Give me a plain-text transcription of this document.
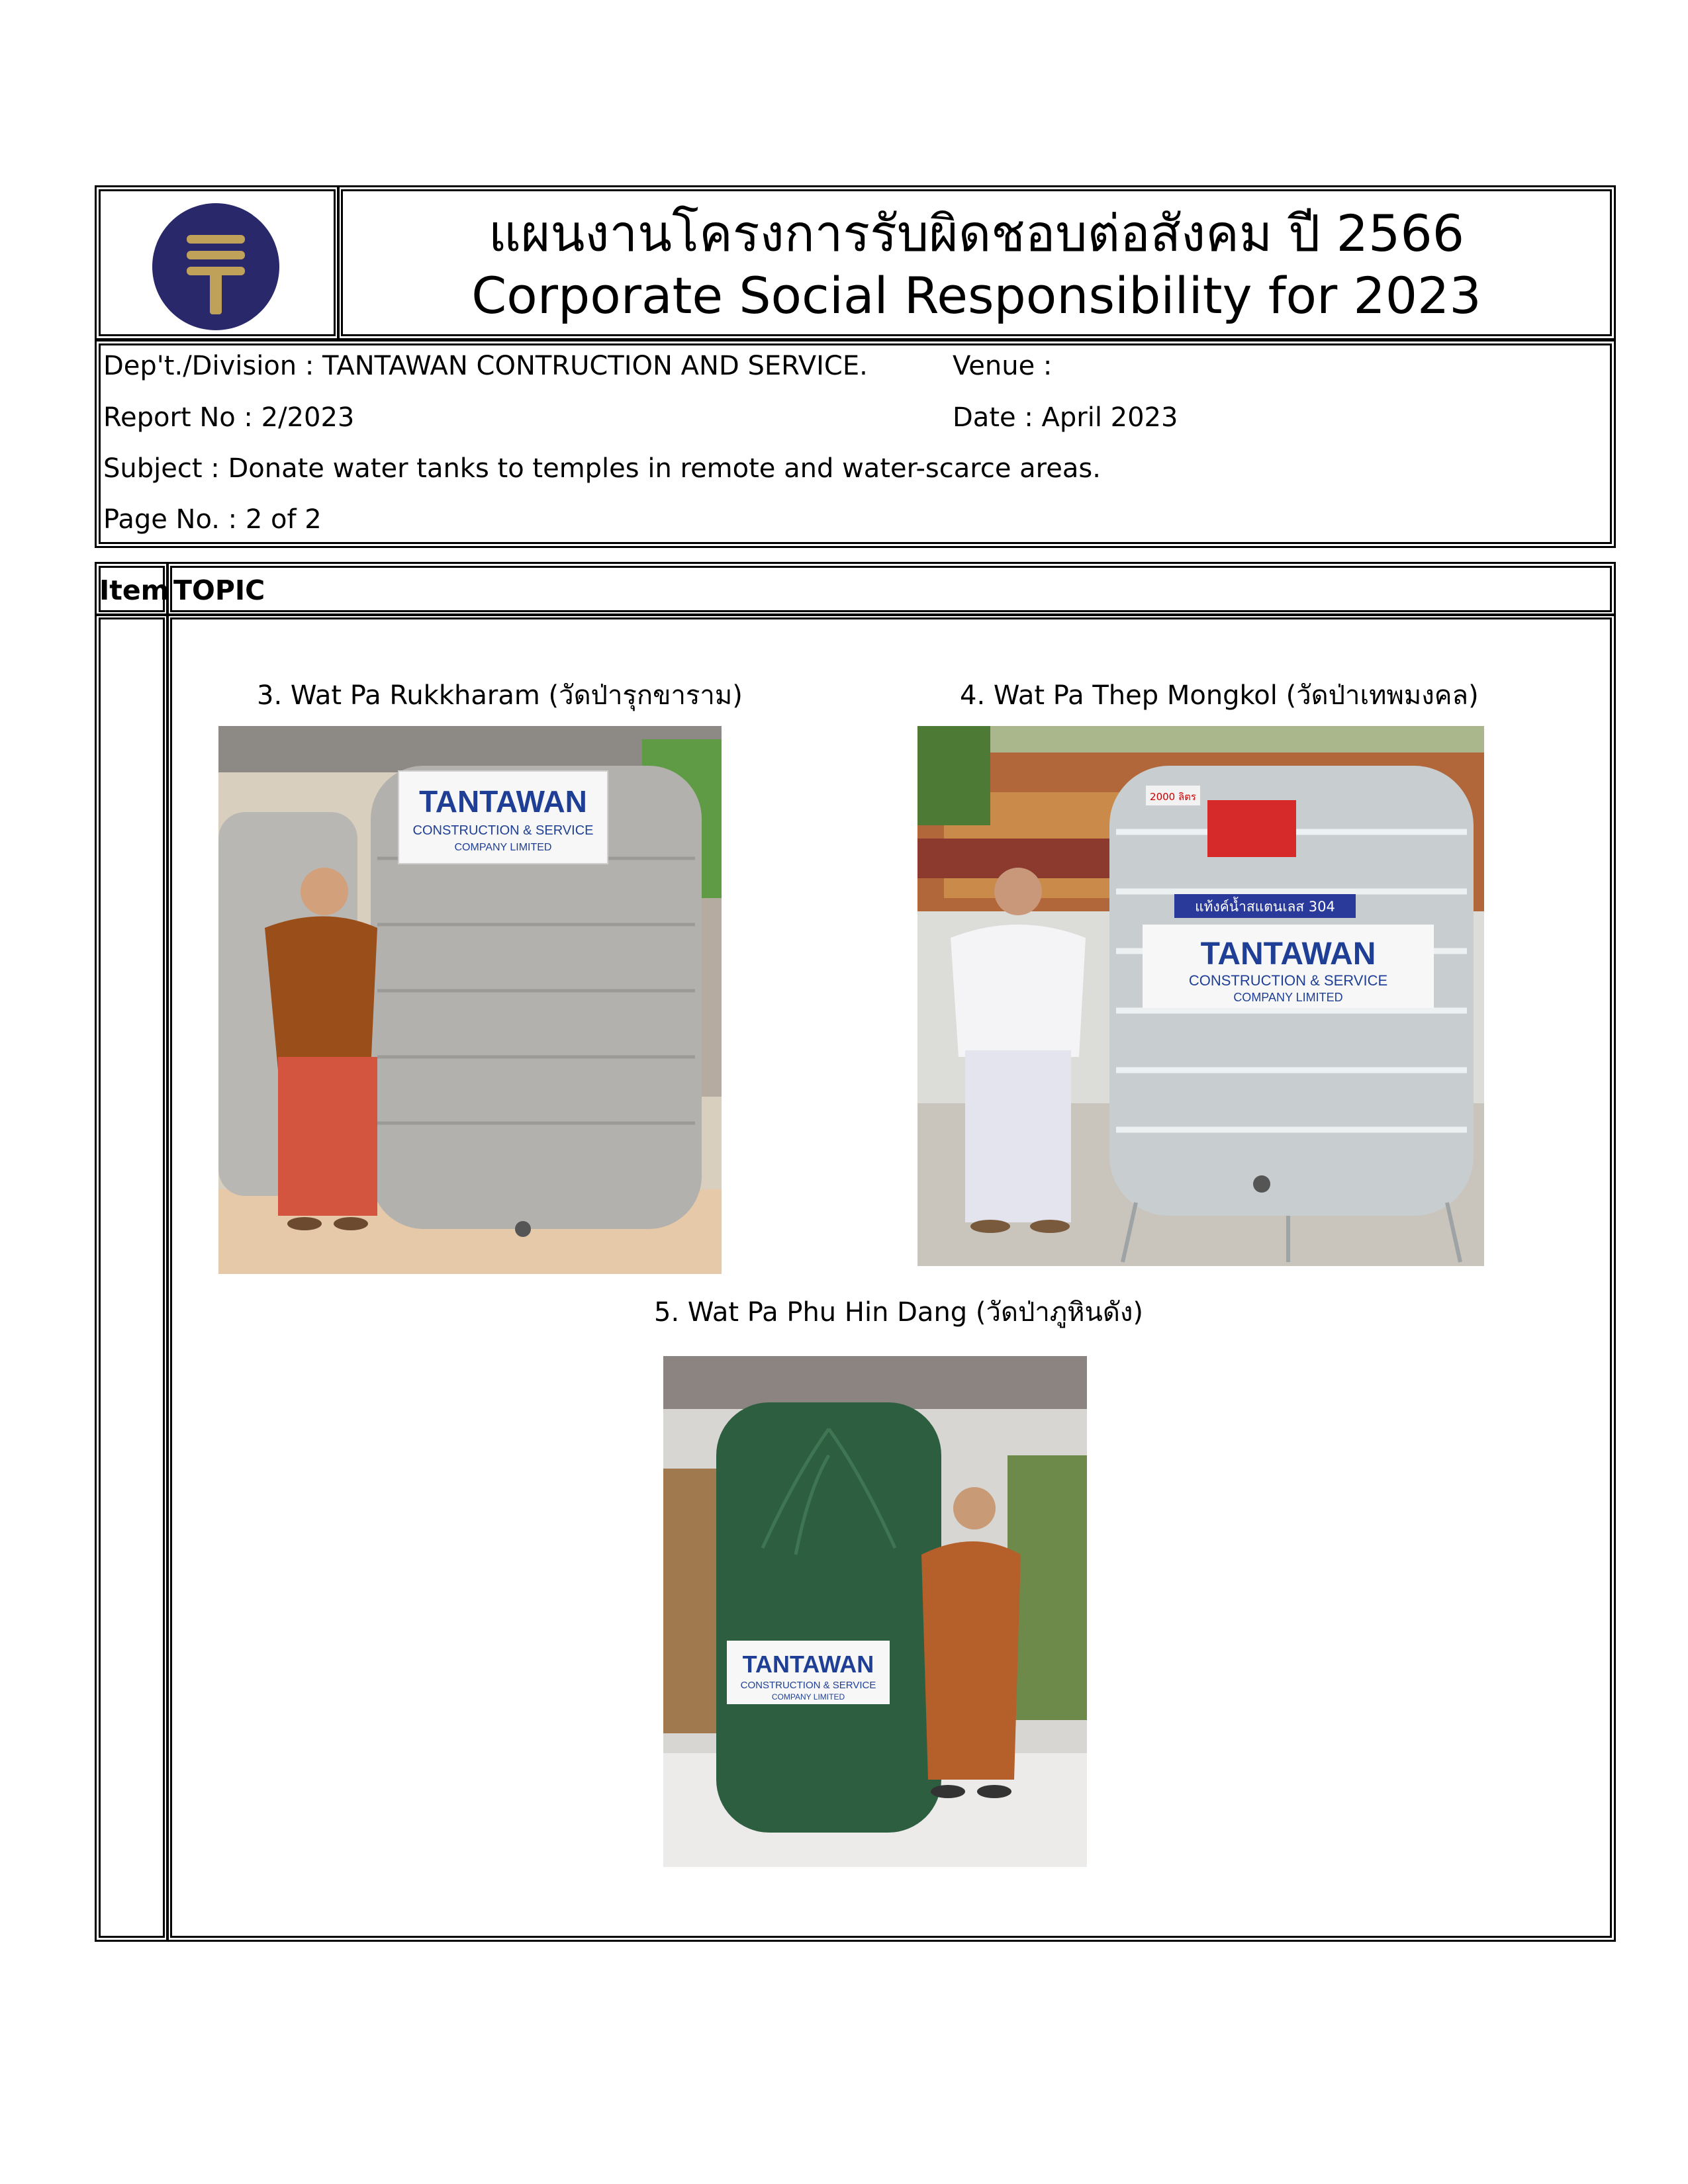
แผนงานโครงการรับผิดชอบต่อสังคม ปี 2566
Corporate Social Responsibility for 2023
Dep't./Division : TANTAWAN CONTRUCTION AND SERVICE.	Venue :
Report No : 2/2023	Date : April 2023
Subject : Donate water tanks to temples in remote and water-scarce areas.
Page No. : 2 of 2
Item TOPIC
3. Wat Pa Rukkharam (วัดป่ารุกขาราม)	4. Wat Pa Thep Mongkol (วัดป่าเทพมงคล)
5. Wat Pa Phu Hin Dang (วัดป่าภูหินดัง)
TANTAWAN
CONSTRUCTION & SERVICE
COMPANY LIMITED
2000 ลิตร
แท้งค์น้ำสแตนเลส 304
TANTAWAN
CONSTRUCTION & SERVICE
COMPANY LIMITED
TANTAWAN
CONSTRUCTION & SERVICE
COMPANY LIMITED
